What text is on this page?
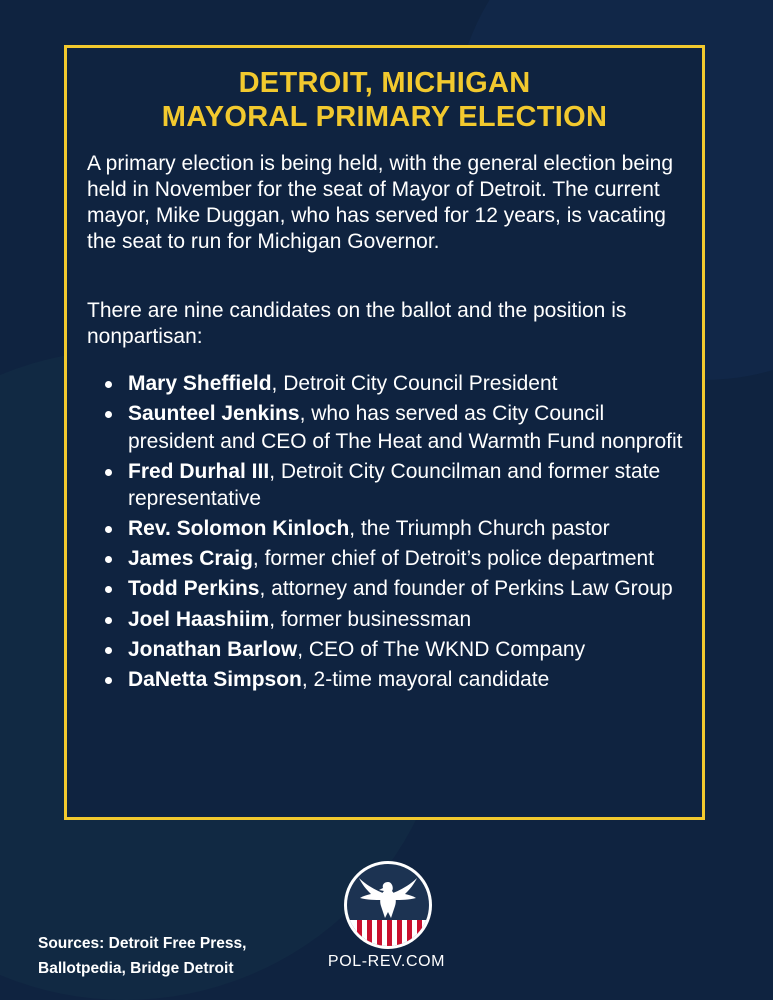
DETROIT, MICHIGAN
MAYORAL PRIMARY ELECTION

A primary election is being held, with the general election being held in November for the seat of Mayor of Detroit. The current mayor, Mike Duggan, who has served for 12 years, is vacating the seat to run for Michigan Governor.

There are nine candidates on the ballot and the position is nonpartisan:

Mary Sheffield, Detroit City Council President
Saunteel Jenkins, who has served as City Council president and CEO of The Heat and Warmth Fund nonprofit
Fred Durhal III, Detroit City Councilman and former state representative
Rev. Solomon Kinloch, the Triumph Church pastor
James Craig, former chief of Detroit’s police department
Todd Perkins, attorney and founder of Perkins Law Group
Joel Haashiim, former businessman
Jonathan Barlow, CEO of The WKND Company
DaNetta Simpson, 2-time mayoral candidate
Sources: Detroit Free Press,
Ballotpedia, Bridge Detroit	POL-REV.COM
